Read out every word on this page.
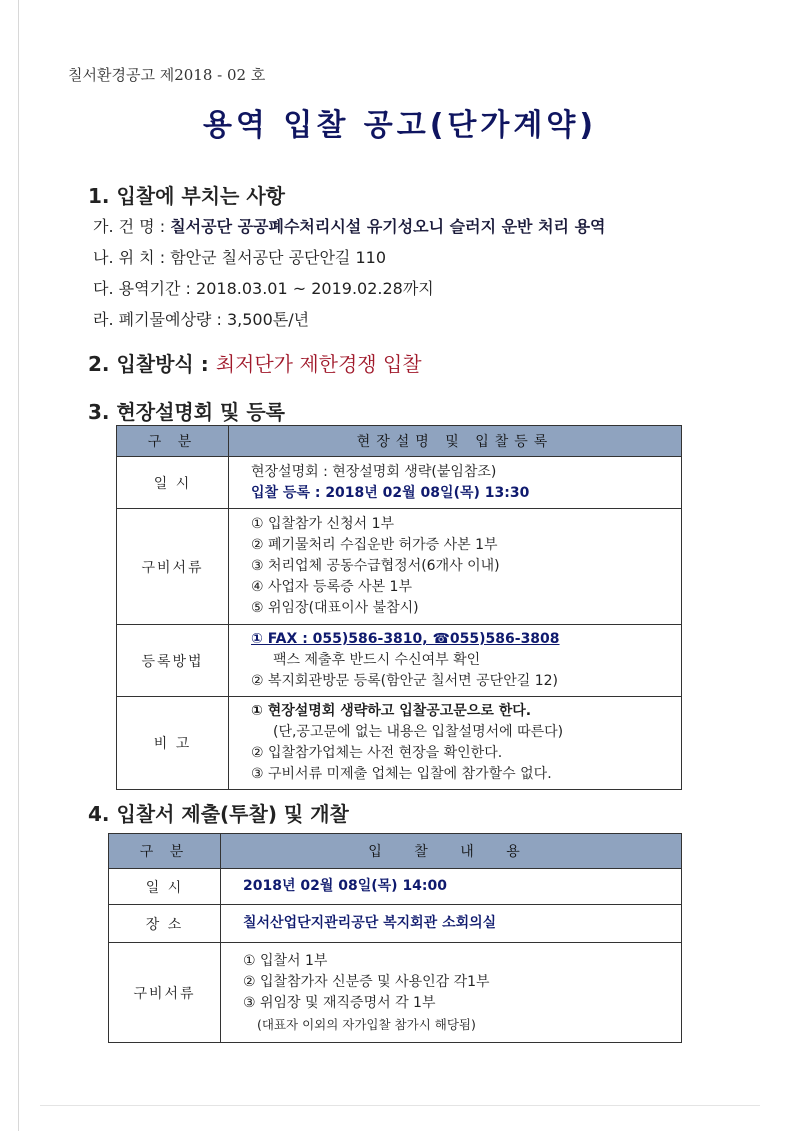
칠서환경공고 제2018 - 02 호
용역 입찰 공고(단가계약)
1. 입찰에 부치는 사항
가. 건 명 : 칠서공단 공공폐수처리시설 유기성오니 슬러지 운반 처리 용역
나. 위 치 : 함안군 칠서공단 공단안길 110
다. 용역기간 : 2018.03.01 ~ 2019.02.28까지
라. 폐기물예상량 : 3,500톤/년
2. 입찰방식 : 최저단가 제한경쟁 입찰
3. 현장설명회 및 등록
구 분	현장설명 및 입찰등록
일 시	현장설명회 : 현장설명회 생략(붙임참조)
입찰 등록 : 2018년 02월 08일(목) 13:30

구비서류	① 입찰참가 신청서 1부
② 폐기물처리 수집운반 허가증 사본 1부
③ 처리업체 공동수급협정서(6개사 이내)
④ 사업자 등록증 사본 1부
⑤ 위임장(대표이사 불참시)

등록방법	① FAX : 055)586-3810, ☎055)586-3808
팩스 제출후 반드시 수신여부 확인
② 복지회관방문 등록(함안군 칠서면 공단안길 12)

비 고	① 현장설명회 생략하고 입찰공고문으로 한다.
(단,공고문에 없는 내용은 입찰설명서에 따른다)
② 입찰참가업체는 사전 현장을 확인한다.
③ 구비서류 미제출 업체는 입찰에 참가할수 없다.
4. 입찰서 제출(투찰) 및 개찰
구 분	입 찰 내 용
일 시	2018년 02월 08일(목) 14:00

장 소	칠서산업단지관리공단 복지회관 소회의실

구비서류	① 입찰서 1부
② 입찰참가자 신분증 및 사용인감 각1부
③ 위임장 및 재직증명서 각 1부
(대표자 이외의 자가입찰 참가시 해당됨)
